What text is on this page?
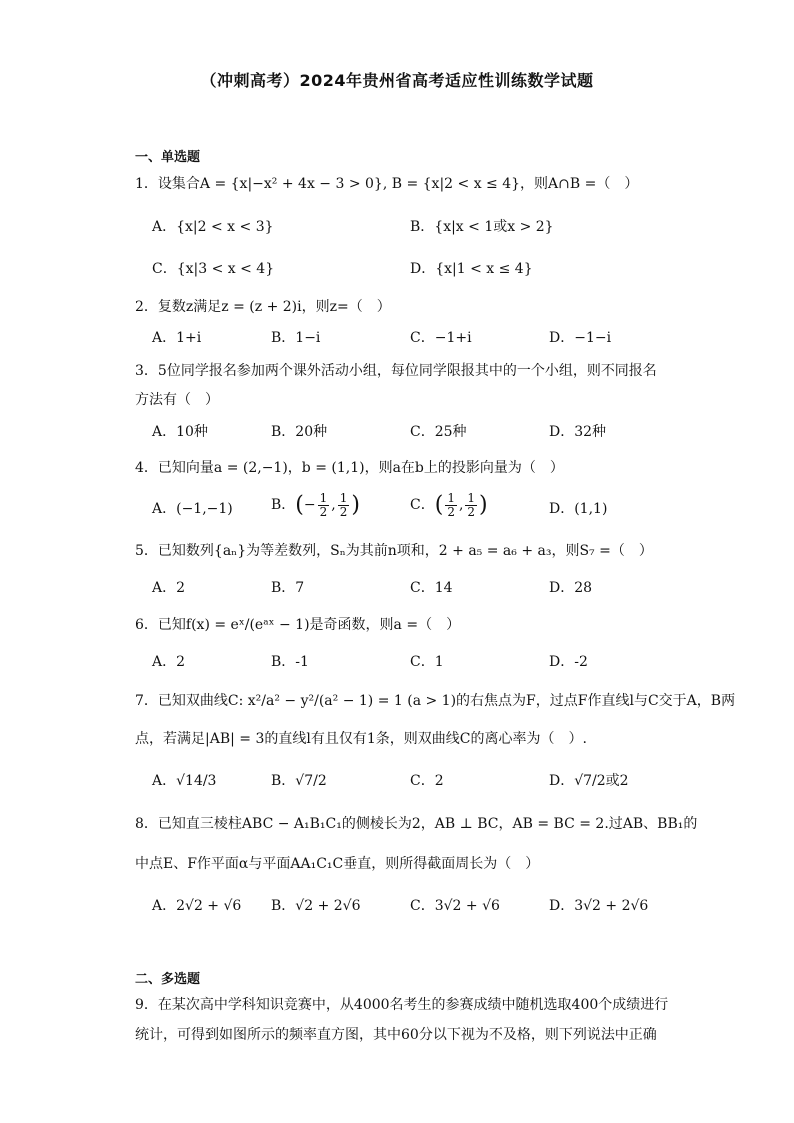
（冲刺高考）2024年贵州省高考适应性训练数学试题
一、单选题
1．设集合A = {x|−x² + 4x − 3 > 0}, B = {x|2 < x ≤ 4}，则A∩B =（　）
A．{x|2 < x < 3}	B．{x|x < 1或x > 2}
C．{x|3 < x < 4}	D．{x|1 < x ≤ 4}
2．复数z满足z = (z + 2)i，则z=（　）
A．1+i	B．1−i	C．−1+i	D．−1−i
3．5位同学报名参加两个课外活动小组，每位同学限报其中的一个小组，则不同报名
方法有（　）
A．10种	B．20种	C．25种	D．32种
4．已知向量a = (2,−1)，b = (1,1)，则a在b上的投影向量为（　）
A．(−1,−1)	B．(− $\frac{1}{2}$ , $\frac{1}{2}$ )	C．( $\frac{1}{2}$ , $\frac{1}{2}$ )	D．(1,1)
5．已知数列{aₙ}为等差数列，Sₙ为其前n项和，2 + a₅ = a₆ + a₃，则S₇ =（　）
A．2	B．7	C．14	D．28
6．已知f(x) = eˣ/(eᵃˣ − 1)是奇函数，则a =（　）
A．2	B．-1	C．1	D．-2
7．已知双曲线C: x²/a² − y²/(a² − 1) = 1 (a > 1)的右焦点为F，过点F作直线l与C交于A，B两
点，若满足|AB| = 3的直线l有且仅有1条，则双曲线C的离心率为（　）.
A．√14/3	B．√7/2	C．2	D．√7/2或2
8．已知直三棱柱ABC − A₁B₁C₁的侧棱长为2，AB ⊥ BC，AB = BC = 2.过AB、BB₁的
中点E、F作平面α与平面AA₁C₁C垂直，则所得截面周长为（　）
A．2√2 + √6 B．√2 + 2√6	C．3√2 + √6	D．3√2 + 2√6
二、多选题
9．在某次高中学科知识竞赛中，从4000名考生的参赛成绩中随机选取400个成绩进行
统计，可得到如图所示的频率直方图，其中60分以下视为不及格，则下列说法中正确
